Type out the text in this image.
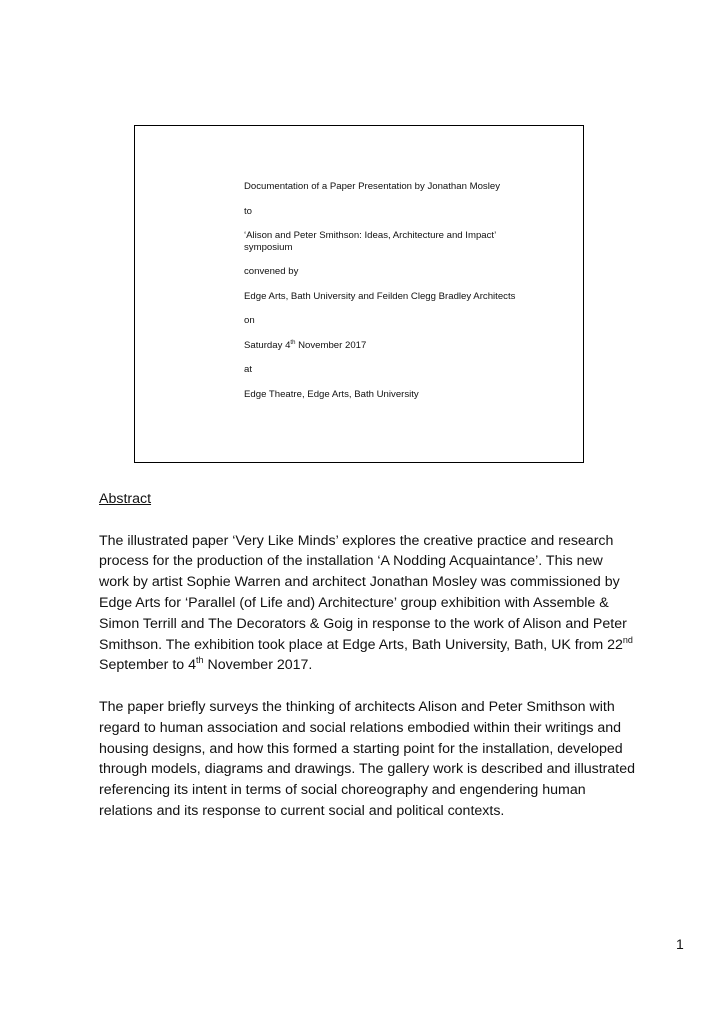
Documentation of a Paper Presentation by Jonathan Mosley
to
‘Alison and Peter Smithson: Ideas, Architecture and Impact’
symposium
convened by
Edge Arts, Bath University and Feilden Clegg Bradley Architects
on
Saturday 4th November 2017
at
Edge Theatre, Edge Arts, Bath University
Abstract

The illustrated paper ‘Very Like Minds’ explores the creative practice and research
process for the production of the installation ‘A Nodding Acquaintance’. This new
work by artist Sophie Warren and architect Jonathan Mosley was commissioned by
Edge Arts for ‘Parallel (of Life and) Architecture’ group exhibition with Assemble &
Simon Terrill and The Decorators & Goig in response to the work of Alison and Peter
Smithson. The exhibition took place at Edge Arts, Bath University, Bath, UK from 22nd
September to 4th November 2017.

The paper briefly surveys the thinking of architects Alison and Peter Smithson with
regard to human association and social relations embodied within their writings and
housing designs, and how this formed a starting point for the installation, developed
through models, diagrams and drawings. The gallery work is described and illustrated
referencing its intent in terms of social choreography and engendering human
relations and its response to current social and political contexts.

1
